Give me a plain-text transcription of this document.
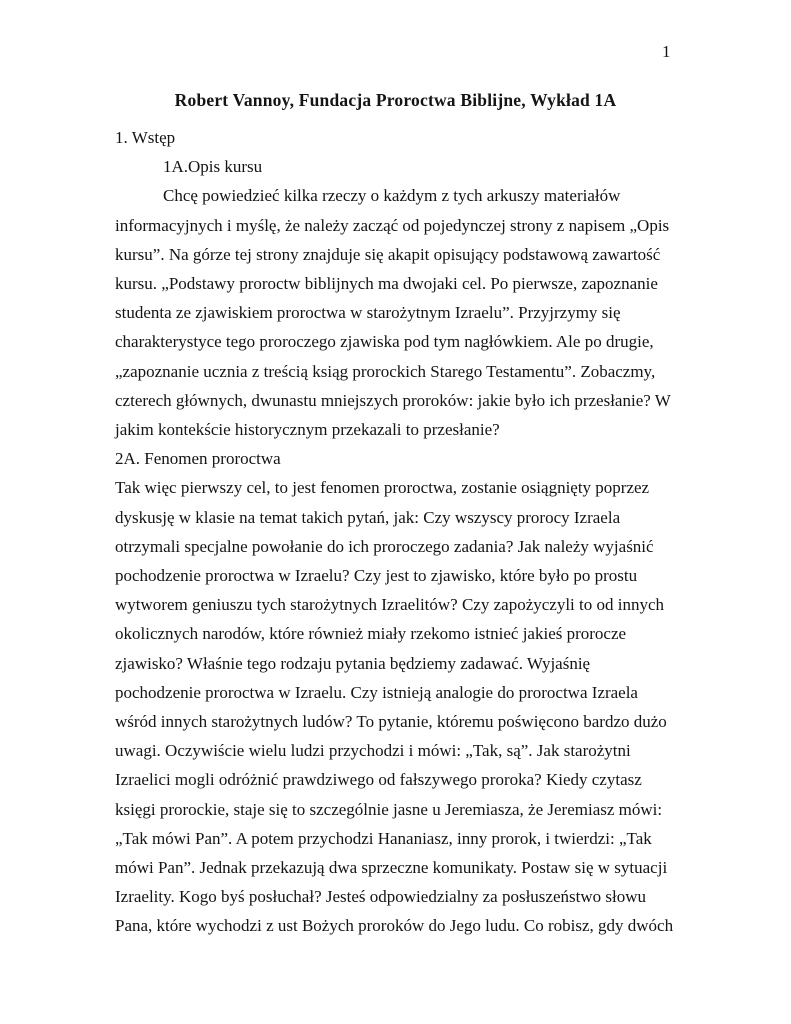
1
Robert Vannoy, Fundacja Proroctwa Biblijne, Wykład 1A
1. Wstęp
1A.Opis kursu
Chcę powiedzieć kilka rzeczy o każdym z tych arkuszy materiałów
informacyjnych i myślę, że należy zacząć od pojedynczej strony z napisem „Opis
kursu”. Na górze tej strony znajduje się akapit opisujący podstawową zawartość
kursu. „Podstawy proroctw biblijnych ma dwojaki cel. Po pierwsze, zapoznanie
studenta ze zjawiskiem proroctwa w starożytnym Izraelu”. Przyjrzymy się
charakterystyce tego proroczego zjawiska pod tym nagłówkiem. Ale po drugie,
„zapoznanie ucznia z treścią ksiąg prorockich Starego Testamentu”. Zobaczmy,
czterech głównych, dwunastu mniejszych proroków: jakie było ich przesłanie? W
jakim kontekście historycznym przekazali to przesłanie?
2A. Fenomen proroctwa
Tak więc pierwszy cel, to jest fenomen proroctwa, zostanie osiągnięty poprzez
dyskusję w klasie na temat takich pytań, jak: Czy wszyscy prorocy Izraela
otrzymali specjalne powołanie do ich proroczego zadania? Jak należy wyjaśnić
pochodzenie proroctwa w Izraelu? Czy jest to zjawisko, które było po prostu
wytworem geniuszu tych starożytnych Izraelitów? Czy zapożyczyli to od innych
okolicznych narodów, które również miały rzekomo istnieć jakieś prorocze
zjawisko? Właśnie tego rodzaju pytania będziemy zadawać. Wyjaśnię
pochodzenie proroctwa w Izraelu. Czy istnieją analogie do proroctwa Izraela
wśród innych starożytnych ludów? To pytanie, któremu poświęcono bardzo dużo
uwagi. Oczywiście wielu ludzi przychodzi i mówi: „Tak, są”. Jak starożytni
Izraelici mogli odróżnić prawdziwego od fałszywego proroka? Kiedy czytasz
księgi prorockie, staje się to szczególnie jasne u Jeremiasza, że Jeremiasz mówi:
„Tak mówi Pan”. A potem przychodzi Hananiasz, inny prorok, i twierdzi: „Tak
mówi Pan”. Jednak przekazują dwa sprzeczne komunikaty. Postaw się w sytuacji
Izraelity. Kogo byś posłuchał? Jesteś odpowiedzialny za posłuszeństwo słowu
Pana, które wychodzi z ust Bożych proroków do Jego ludu. Co robisz, gdy dwóch
